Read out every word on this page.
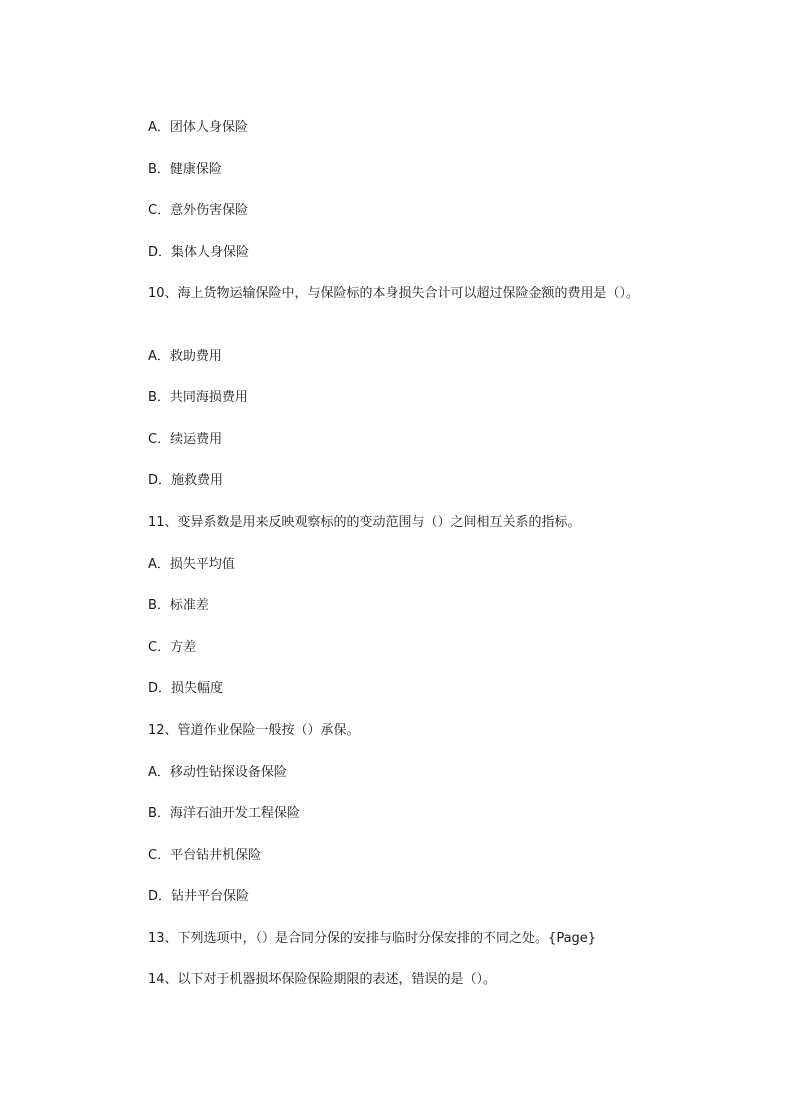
A．团体人身保险
B．健康保险
C．意外伤害保险
D．集体人身保险
10、海上货物运输保险中，与保险标的本身损失合计可以超过保险金额的费用是（）。
A．救助费用
B．共同海损费用
C．续运费用
D．施救费用
11、变异系数是用来反映观察标的的变动范围与（）之间相互关系的指标。
A．损失平均值
B．标准差
C．方差
D．损失幅度
12、管道作业保险一般按（）承保。
A．移动性钻探设备保险
B．海洋石油开发工程保险
C．平台钻井机保险
D．钻井平台保险
13、下列选项中，（）是合同分保的安排与临时分保安排的不同之处。{Page}
14、以下对于机器损坏保险保险期限的表述，错误的是（）。
